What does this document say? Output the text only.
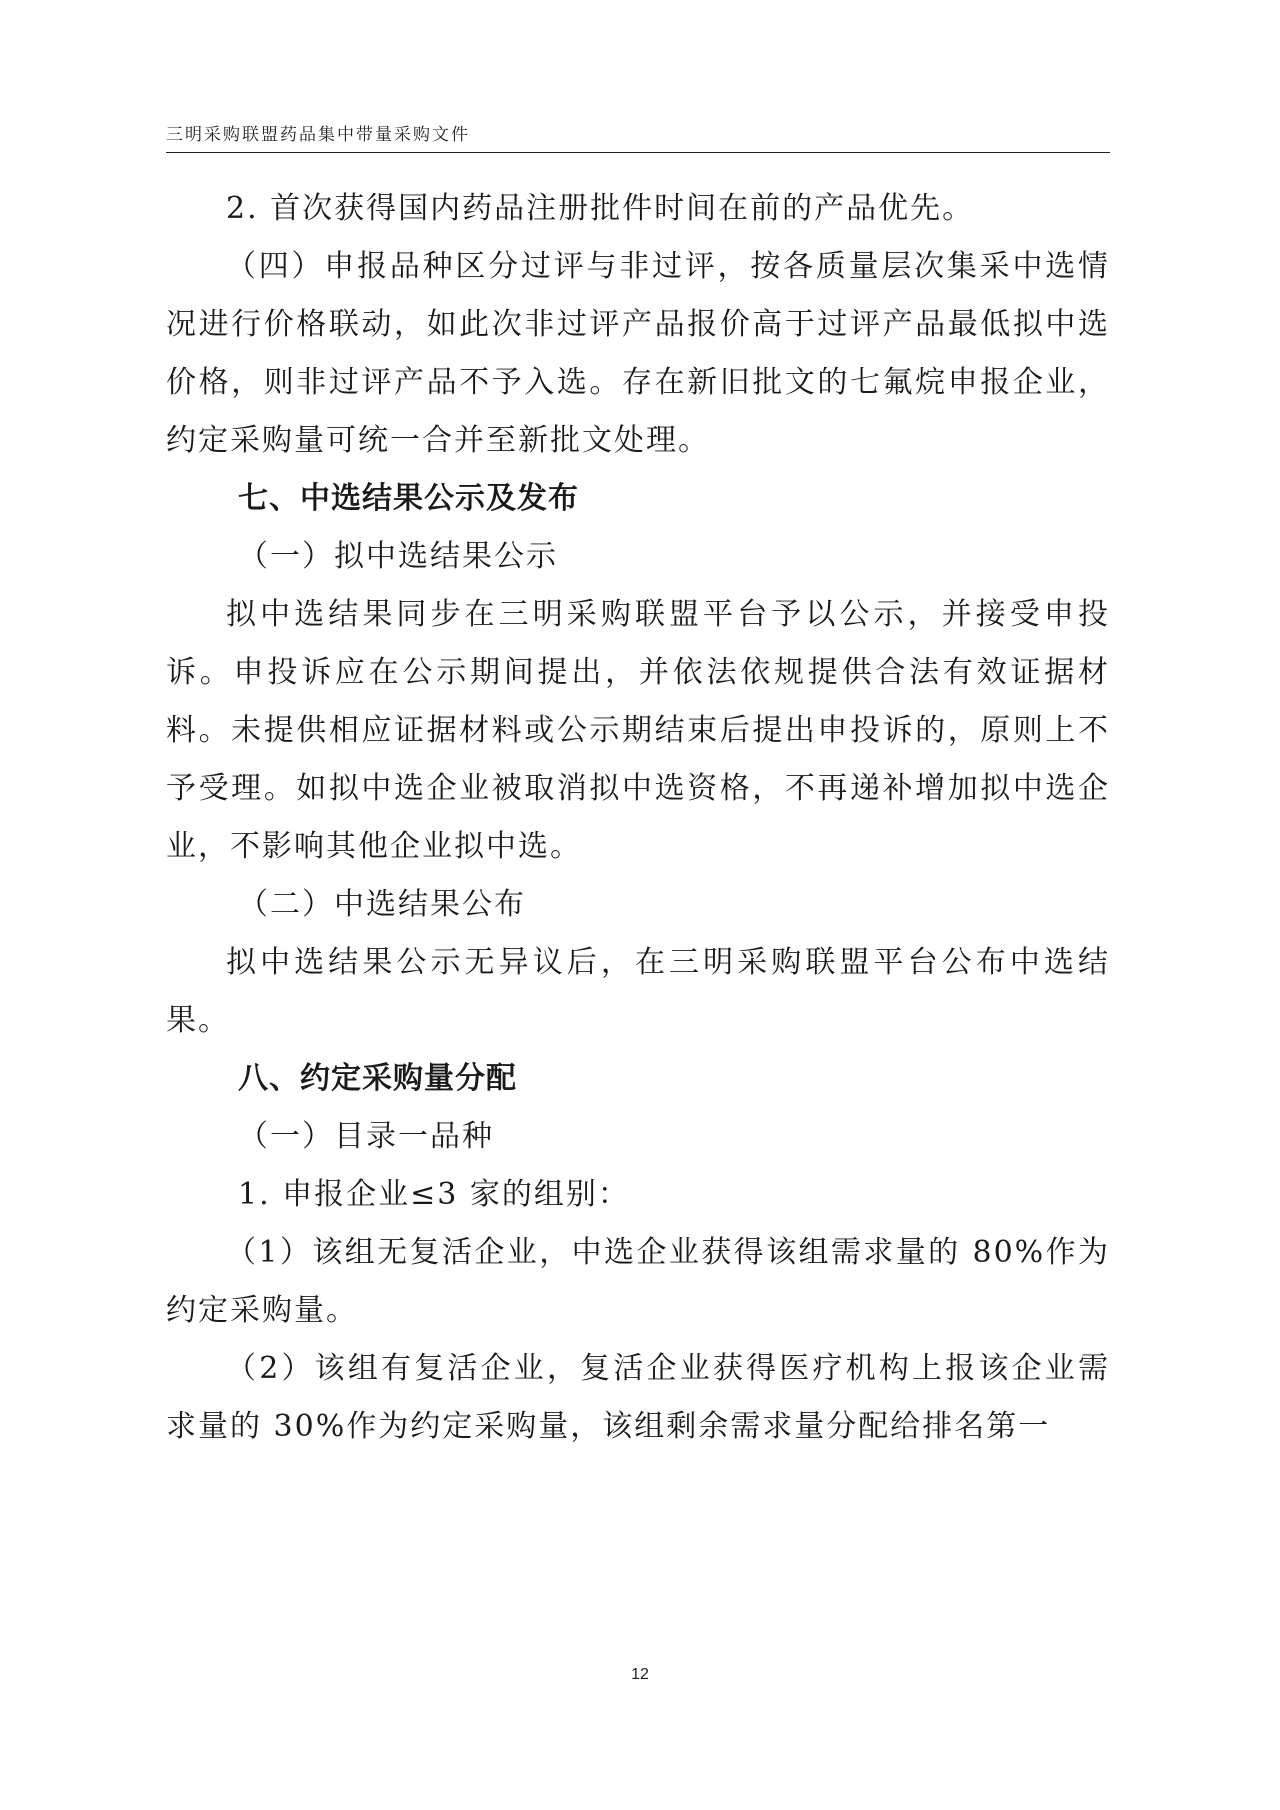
三明采购联盟药品集中带量采购文件
2. 首次获得国内药品注册批件时间在前的产品优先。
（四）申报品种区分过评与非过评，按各质量层次集采中选情况进行价格联动，如此次非过评产品报价高于过评产品最低拟中选价格，则非过评产品不予入选。存在新旧批文的七氟烷申报企业，约定采购量可统一合并至新批文处理。
七、中选结果公示及发布
（一）拟中选结果公示
拟中选结果同步在三明采购联盟平台予以公示，并接受申投诉。申投诉应在公示期间提出，并依法依规提供合法有效证据材料。未提供相应证据材料或公示期结束后提出申投诉的，原则上不予受理。如拟中选企业被取消拟中选资格，不再递补增加拟中选企业，不影响其他企业拟中选。
（二）中选结果公布
拟中选结果公示无异议后，在三明采购联盟平台公布中选结果。
八、约定采购量分配
（一）目录一品种
1. 申报企业≤3 家的组别：
（1）该组无复活企业，中选企业获得该组需求量的 80%作为约定采购量。
（2）该组有复活企业，复活企业获得医疗机构上报该企业需求量的 30%作为约定采购量，该组剩余需求量分配给排名第一
12
